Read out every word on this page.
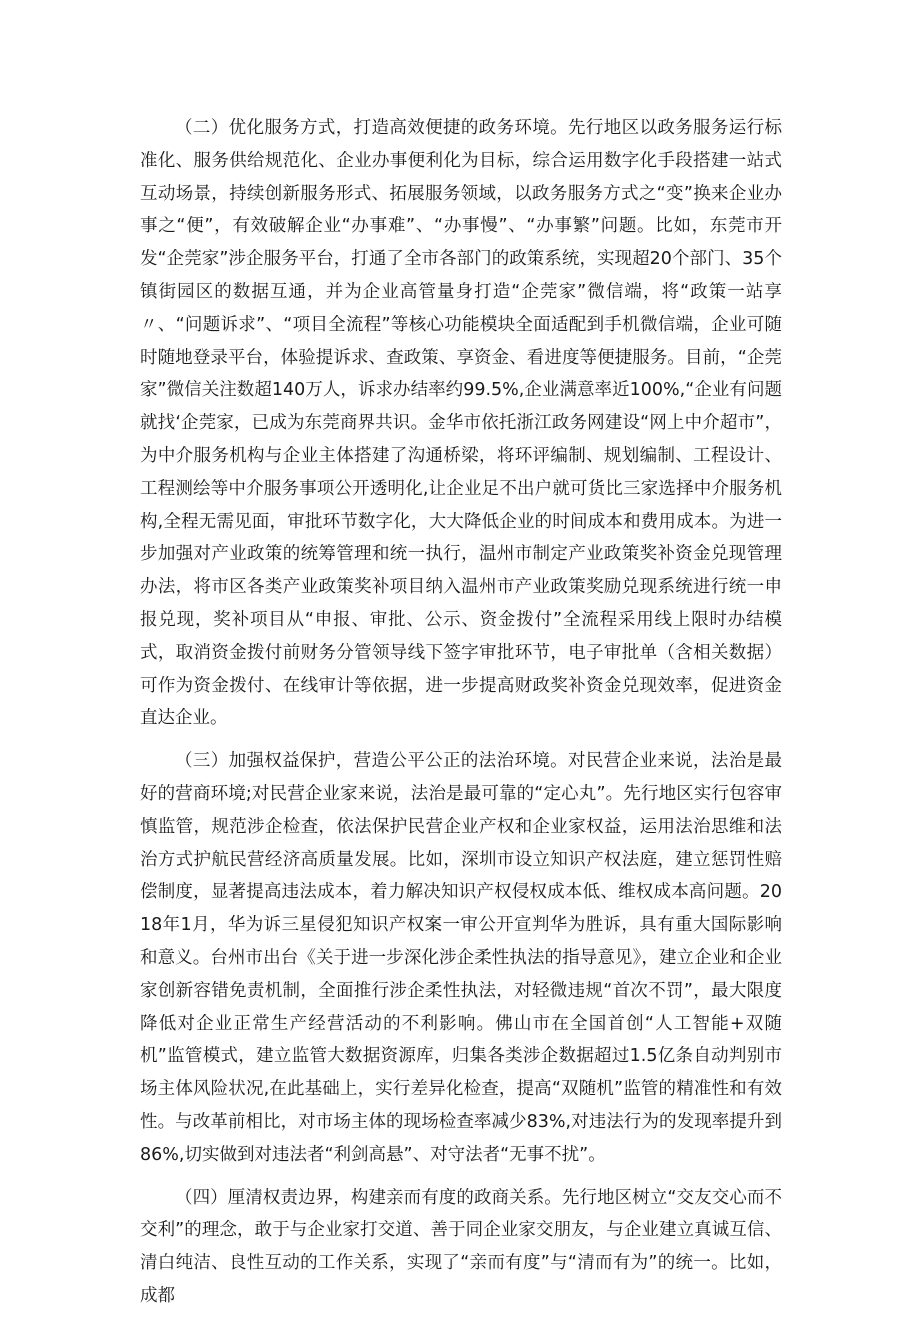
（二）优化服务方式，打造高效便捷的政务环境。先行地区以政务服务运行标准化、服务供给规范化、企业办事便利化为目标，综合运用数字化手段搭建一站式互动场景，持续创新服务形式、拓展服务领域，以政务服务方式之“变”换来企业办事之“便”，有效破解企业“办事难”、“办事慢”、“办事繁”问题。比如，东莞市开发“企莞家”涉企服务平台，打通了全市各部门的政策系统，实现超20个部门、35个镇街园区的数据互通，并为企业高管量身打造“企莞家”微信端，将“政策一站享〃、“问题诉求”、“项目全流程”等核心功能模块全面适配到手机微信端，企业可随时随地登录平台，体验提诉求、查政策、享资金、看进度等便捷服务。目前，“企莞家”微信关注数超140万人，诉求办结率约99.5%,企业满意率近100%,“企业有问题就找‘企莞家，已成为东莞商界共识。金华市依托浙江政务网建设“网上中介超市”，为中介服务机构与企业主体搭建了沟通桥梁，将环评编制、规划编制、工程设计、工程测绘等中介服务事项公开透明化,让企业足不出户就可货比三家选择中介服务机构,全程无需见面，审批环节数字化，大大降低企业的时间成本和费用成本。为进一步加强对产业政策的统筹管理和统一执行，温州市制定产业政策奖补资金兑现管理办法，将市区各类产业政策奖补项目纳入温州市产业政策奖励兑现系统进行统一申报兑现，奖补项目从“申报、审批、公示、资金拨付”全流程采用线上限时办结模式，取消资金拨付前财务分管领导线下签字审批环节，电子审批单（含相关数据）可作为资金拨付、在线审计等依据，进一步提高财政奖补资金兑现效率，促进资金直达企业。

（三）加强权益保护，营造公平公正的法治环境。对民营企业来说，法治是最好的营商环境;对民营企业家来说，法治是最可靠的“定心丸”。先行地区实行包容审慎监管，规范涉企检查，依法保护民营企业产权和企业家权益，运用法治思维和法治方式护航民营经济高质量发展。比如，深圳市设立知识产权法庭，建立惩罚性赔偿制度，显著提高违法成本，着力解决知识产权侵权成本低、维权成本高问题。2018年1月，华为诉三星侵犯知识产权案一审公开宣判华为胜诉，具有重大国际影响和意义。台州市出台《关于进一步深化涉企柔性执法的指导意见》，建立企业和企业家创新容错免责机制，全面推行涉企柔性执法，对轻微违规“首次不罚”，最大限度降低对企业正常生产经营活动的不利影响。佛山市在全国首创“人工智能+双随机”监管模式，建立监管大数据资源库，归集各类涉企数据超过1.5亿条自动判别市场主体风险状况,在此基础上，实行差异化检查，提高“双随机”监管的精准性和有效性。与改革前相比，对市场主体的现场检查率减少83%,对违法行为的发现率提升到86%,切实做到对违法者“利剑高悬”、对守法者“无事不扰”。

（四）厘清权责边界，构建亲而有度的政商关系。先行地区树立“交友交心而不交利”的理念，敢于与企业家打交道、善于同企业家交朋友，与企业建立真诚互信、清白纯洁、良性互动的工作关系，实现了“亲而有度”与“清而有为”的统一。比如，成都
